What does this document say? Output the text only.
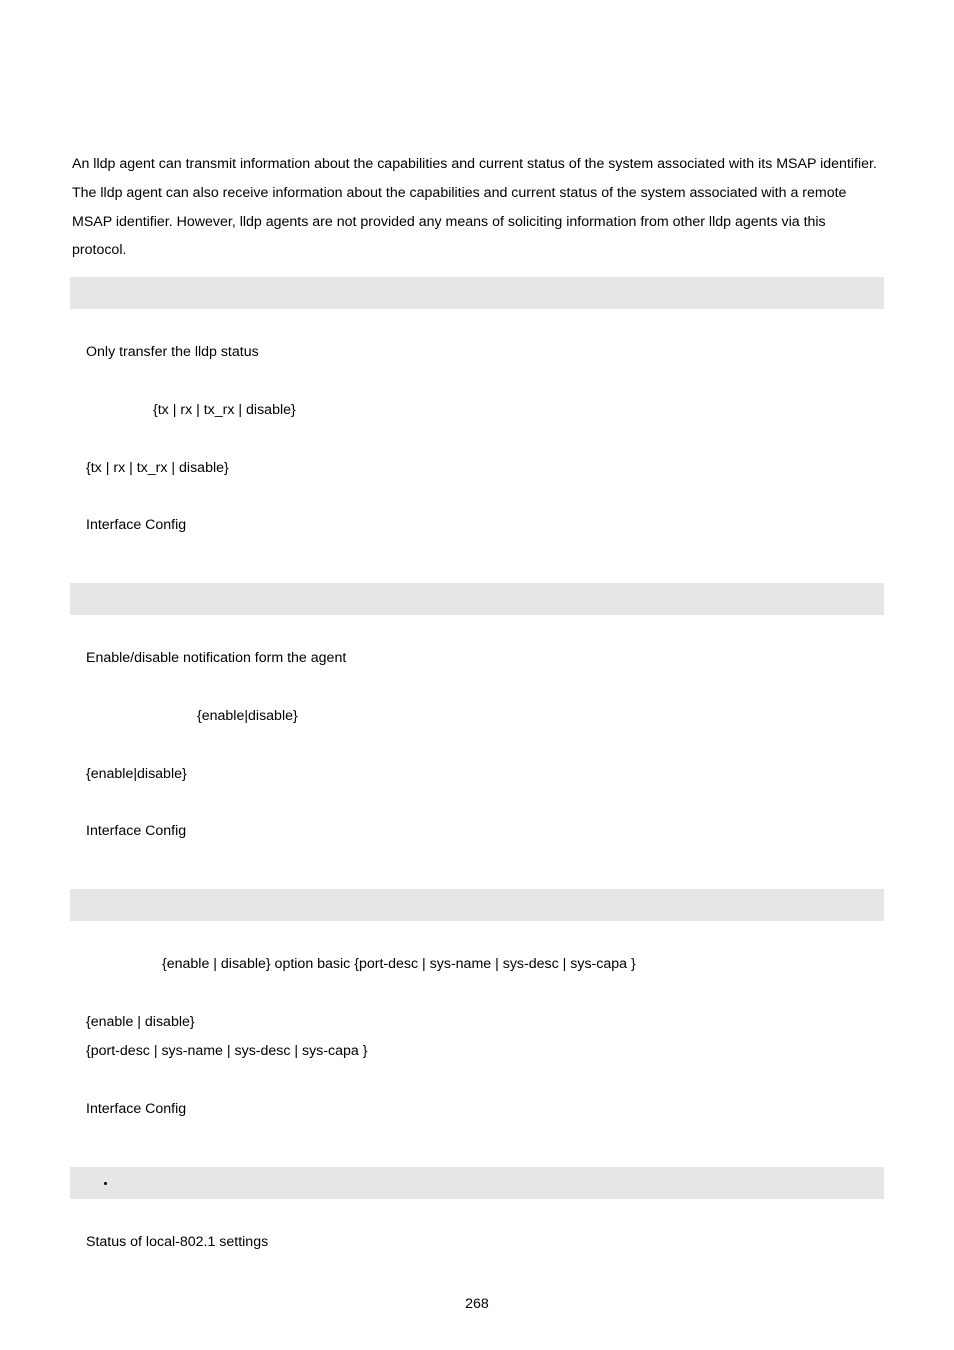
An lldp agent can transmit information about the capabilities and current status of the system associated with its MSAP identifier.

The lldp agent can also receive information about the capabilities and current status of the system associated with a remote

MSAP identifier. However, lldp agents are not provided any means of soliciting information from other lldp agents via this

protocol.

Only transfer the lldp status
{tx | rx | tx_rx | disable}
{tx | rx | tx_rx | disable}
Interface Config
Enable/disable notification form the agent
{enable|disable}
{enable|disable}
Interface Config
{enable | disable} option basic {port-desc | sys-name | sys-desc | sys-capa }
{enable | disable}
{port-desc | sys-name | sys-desc | sys-capa }
Interface Config
Status of local-802.1 settings
268
